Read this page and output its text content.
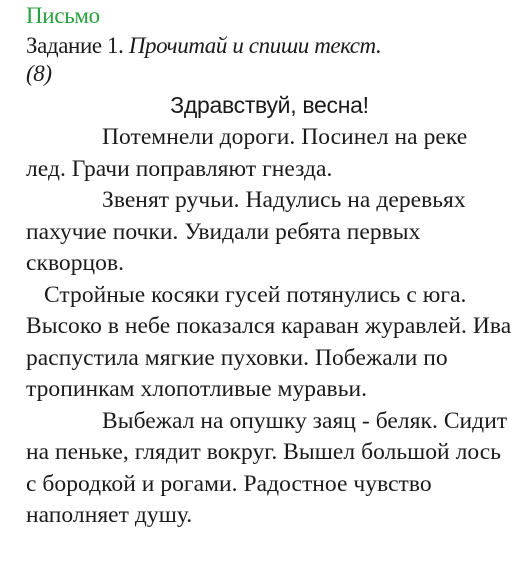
Письмо
Задание 1. Прочитай и спиши текст.
(8)
Здравствуй, весна!

Потемнели дороги. Посинел на реке лед. Грачи поправляют гнезда.

Звенят ручьи. Надулись на деревьях пахучие почки. Увидали ребята первых скворцов.

Стройные косяки гусей потянулись с юга. Высоко в небе показался караван журавлей. Ива распустила мягкие пуховки. Побежали по тропинкам хлопотливые муравьи.

Выбежал на опушку заяц - беляк. Сидит на пеньке, глядит вокруг. Вышел большой лось с бородкой и рогами. Радостное чувство наполняет душу.
